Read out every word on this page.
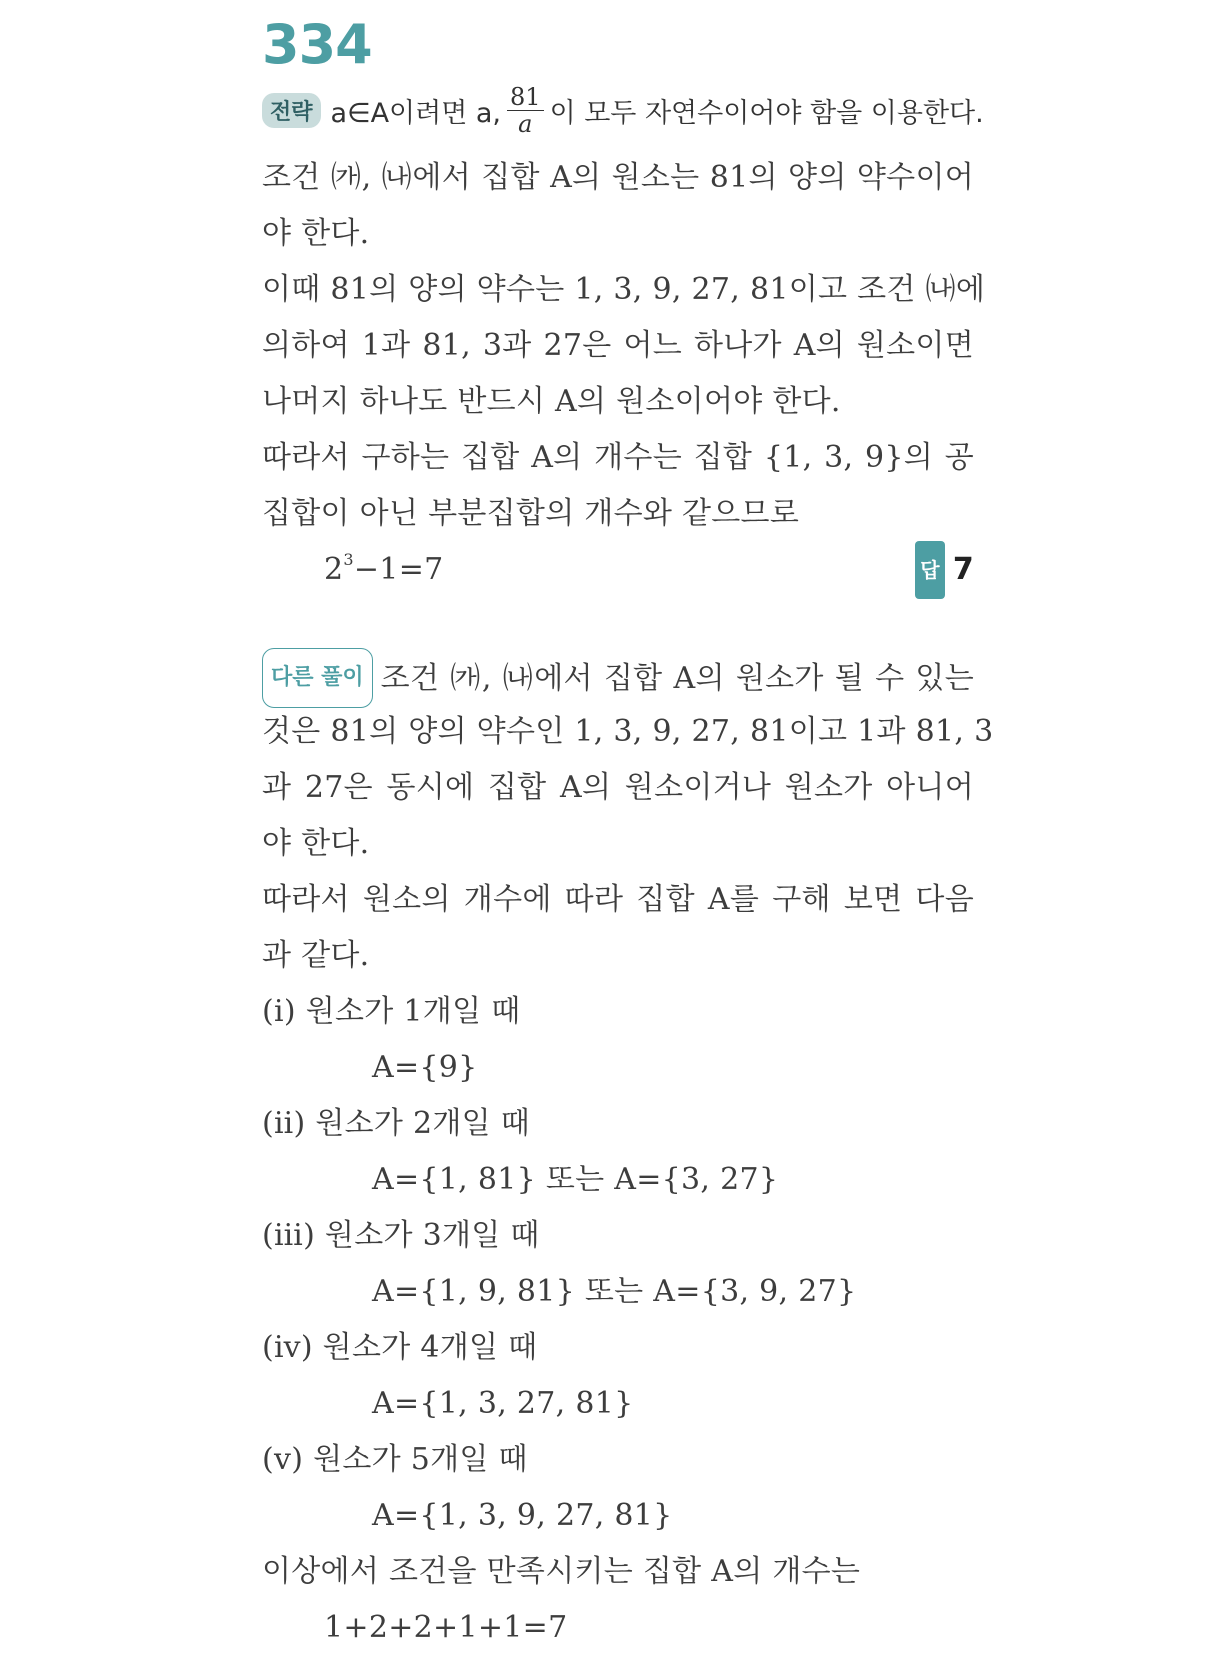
334
전략 a∈A이려면 a, $\frac{81}{a}$ 이 모두 자연수이어야 함을 이용한다.
조건 ㈎, ㈏에서 집합 A의 원소는 81의 양의 약수이어
야 한다.
이때 81의 양의 약수는 1, 3, 9, 27, 81이고 조건 ㈏에
의하여 1과 81, 3과 27은 어느 하나가 A의 원소이면
나머지 하나도 반드시 A의 원소이어야 한다.
따라서 구하는 집합 A의 개수는 집합 {1, 3, 9}의 공
집합이 아닌 부분집합의 개수와 같으므로
$2^3-1=7$	답 7
다른 풀이 조건 ㈎, ㈏에서 집합 A의 원소가 될 수 있는
것은 81의 양의 약수인 1, 3, 9, 27, 81이고 1과 81, 3
과 27은 동시에 집합 A의 원소이거나 원소가 아니어
야 한다.
따라서 원소의 개수에 따라 집합 A를 구해 보면 다음
과 같다.
(ⅰ) 원소가 1개일 때
A={9}
(ⅱ) 원소가 2개일 때
A={1, 81} 또는 A={3, 27}
(ⅲ) 원소가 3개일 때
A={1, 9, 81} 또는 A={3, 9, 27}
(ⅳ) 원소가 4개일 때
A={1, 3, 27, 81}
(ⅴ) 원소가 5개일 때
A={1, 3, 9, 27, 81}
이상에서 조건을 만족시키는 집합 A의 개수는
1+2+2+1+1=7
